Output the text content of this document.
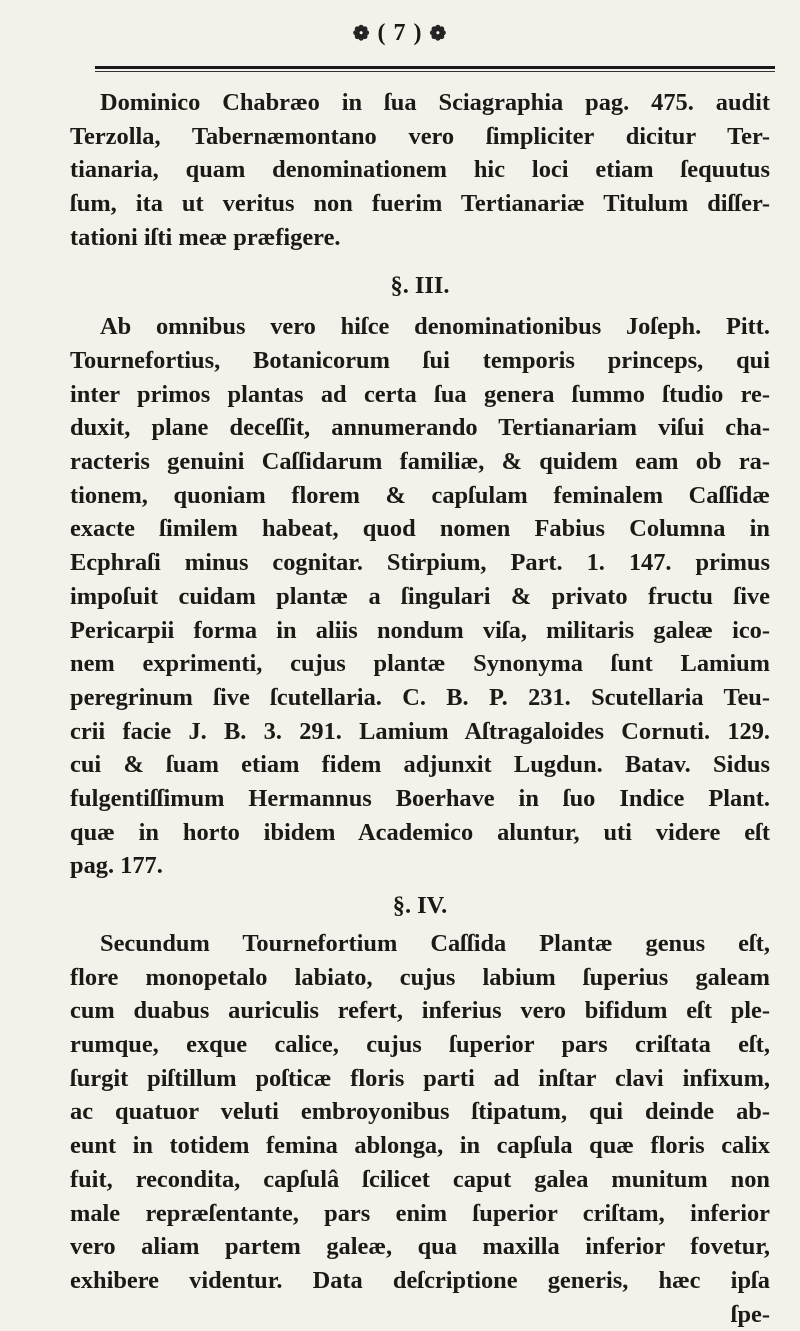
❁ ( 7 ) ❁

Dominico Chabræo in ſua Sciagraphia pag. 475. audit
Terzolla, Tabernæmontano vero ſimpliciter dicitur Ter-
tianaria, quam denominationem hic loci etiam ſequutus
ſum, ita ut veritus non fuerim Tertianariæ Titulum diſſer-
tationi iſti meæ præfigere.

§. III.

Ab omnibus vero hiſce denominationibus Joſeph. Pitt.
Tournefortius, Botanicorum ſui temporis princeps, qui
inter primos plantas ad certa ſua genera ſummo ſtudio re-
duxit, plane deceſſit, annumerando Tertianariam viſui cha-
racteris genuini Caſſidarum familiæ, & quidem eam ob ra-
tionem, quoniam florem & capſulam feminalem Caſſidæ
exacte ſimilem habeat, quod nomen Fabius Columna in
Ecphraſi minus cognitar. Stirpium, Part. 1. 147. primus
impoſuit cuidam plantæ a ſingulari & privato fructu ſive
Pericarpii forma in aliis nondum viſa, militaris galeæ ico-
nem exprimenti, cujus plantæ Synonyma ſunt Lamium
peregrinum ſive ſcutellaria. C. B. P. 231. Scutellaria Teu-
crii facie J. B. 3. 291. Lamium Aſtragaloides Cornuti. 129.
cui & ſuam etiam fidem adjunxit Lugdun. Batav. Sidus
fulgentiſſimum Hermannus Boerhave in ſuo Indice Plant.
quæ in horto ibidem Academico aluntur, uti videre eſt
pag. 177.

§. IV.

Secundum Tournefortium Caſſida Plantæ genus eſt,
flore monopetalo labiato, cujus labium ſuperius galeam
cum duabus auriculis refert, inferius vero bifidum eſt ple-
rumque, exque calice, cujus ſuperior pars criſtata eſt,
ſurgit piſtillum poſticæ floris parti ad inſtar clavi infixum,
ac quatuor veluti embroyonibus ſtipatum, qui deinde ab-
eunt in totidem femina ablonga, in capſula quæ floris calix
fuit, recondita, capſulâ ſcilicet caput galea munitum non
male repræſentante, pars enim ſuperior criſtam, inferior
vero aliam partem galeæ, qua maxilla inferior fovetur,
exhibere videntur. Data deſcriptione generis, hæc ipſa

ſpe-
